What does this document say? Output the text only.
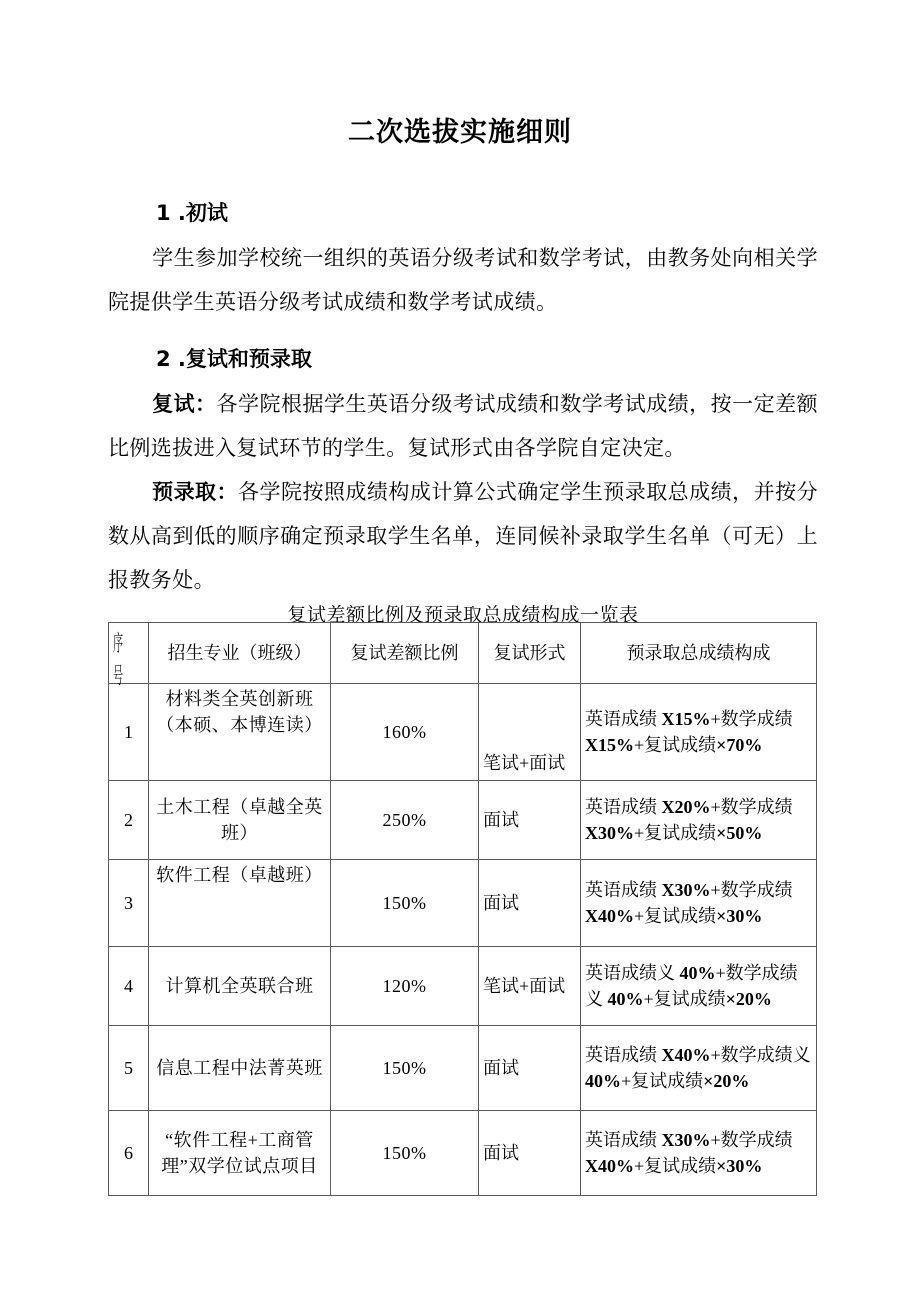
二次选拔实施细则
1 .初试

学生参加学校统一组织的英语分级考试和数学考试，由教务处向相关学院提供学生英语分级考试成绩和数学考试成绩。

2 .复试和预录取

复试：各学院根据学生英语分级考试成绩和数学考试成绩，按一定差额比例选拔进入复试环节的学生。复试形式由各学院自定决定。

预录取：各学院按照成绩构成计算公式确定学生预录取总成绩，并按分数从高到低的顺序确定预录取学生名单，连同候补录取学生名单（可无）上报教务处。

复试差额比例及预录取总成绩构成一览表
序号	招生专业（班级）	复试差额比例	复试形式	预录取总成绩构成
1	材料类全英创新班（本硕、本博连读）	160%	笔试+面试	英语成绩 X15%+数学成绩 X15%+复试成绩×70%
2	土木工程（卓越全英班）	250%	面试	英语成绩 X20%+数学成绩 X30%+复试成绩×50%
3	软件工程（卓越班）	150%	面试	英语成绩 X30%+数学成绩 X40%+复试成绩×30%
4	计算机全英联合班	120%	笔试+面试	英语成绩义 40%+数学成绩义 40%+复试成绩×20%
5	信息工程中法菁英班	150%	面试	英语成绩 X40%+数学成绩义 40%+复试成绩×20%
6	“软件工程+工商管理”双学位试点项目	150%	面试	英语成绩 X30%+数学成绩 X40%+复试成绩×30%
